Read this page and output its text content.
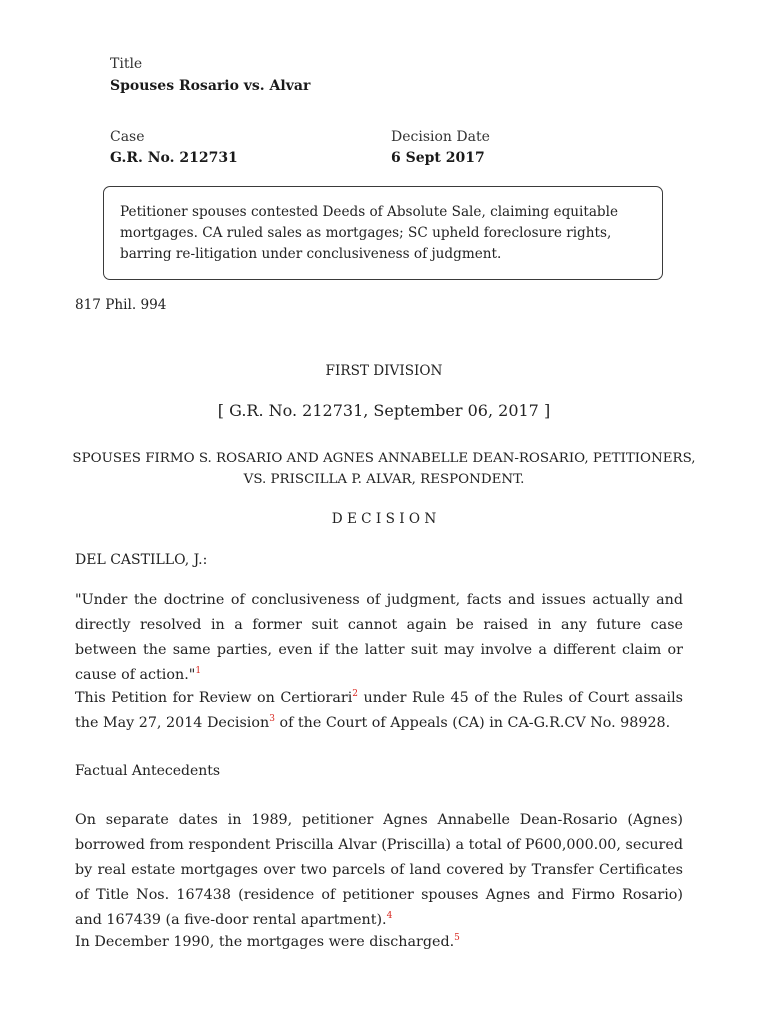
Title
Spouses Rosario vs. Alvar
Case
G.R. No. 212731
Decision Date
6 Sept 2017
Petitioner spouses contested Deeds of Absolute Sale, claiming equitable mortgages. CA ruled sales as mortgages; SC upheld foreclosure rights, barring re-litigation under conclusiveness of judgment.
817 Phil. 994
FIRST DIVISION
[ G.R. No. 212731, September 06, 2017 ]
SPOUSES FIRMO S. ROSARIO AND AGNES ANNABELLE DEAN-ROSARIO, PETITIONERS,
VS. PRISCILLA P. ALVAR, RESPONDENT.
D E C I S I O N
DEL CASTILLO, J.:
"Under the doctrine of conclusiveness of judgment, facts and issues actually and directly resolved in a former suit cannot again be raised in any future case between the same parties, even if the latter suit may involve a different claim or cause of action."$^1$
This Petition for Review on Certiorari$^2$ under Rule 45 of the Rules of Court assails the May 27, 2014 Decision$^3$ of the Court of Appeals (CA) in CA-G.R.CV No. 98928.
Factual Antecedents
On separate dates in 1989, petitioner Agnes Annabelle Dean-Rosario (Agnes) borrowed from respondent Priscilla Alvar (Priscilla) a total of P600,000.00, secured by real estate mortgages over two parcels of land covered by Transfer Certificates of Title Nos. 167438 (residence of petitioner spouses Agnes and Firmo Rosario) and 167439 (a five-door rental apartment).$^4$
In December 1990, the mortgages were discharged.$^5$
